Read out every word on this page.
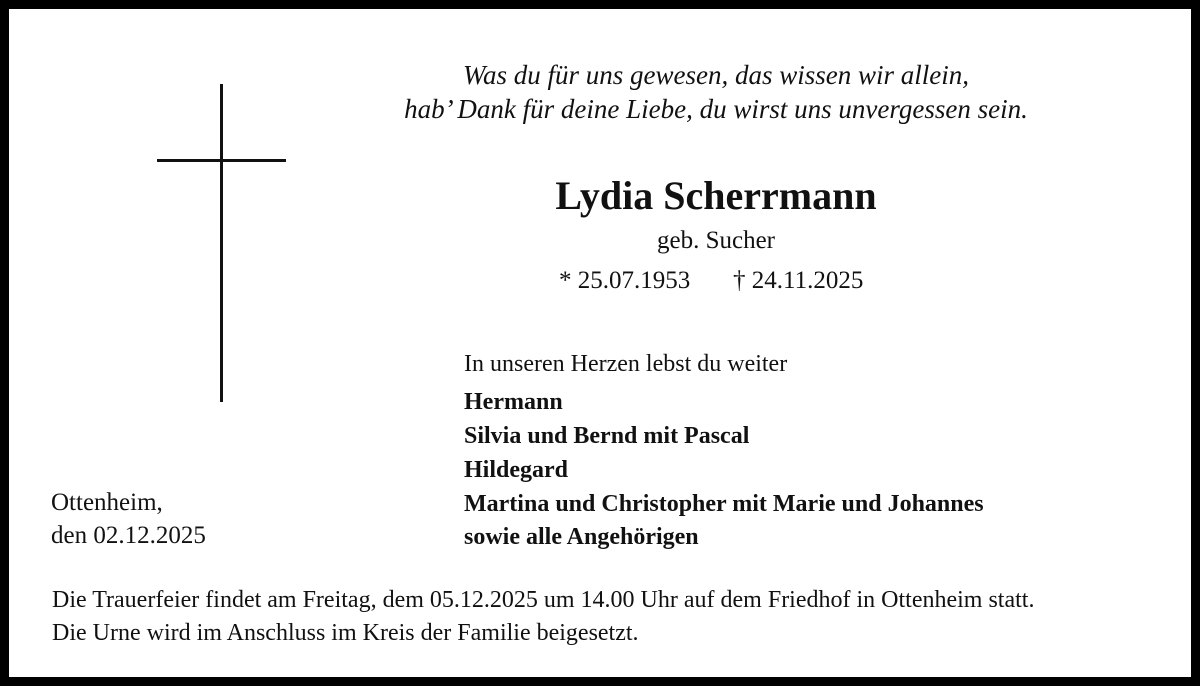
Was du für uns gewesen, das wissen wir allein,
hab’ Dank für deine Liebe, du wirst uns unvergessen sein.
Lydia Scherrmann
geb. Sucher
* 25.07.1953 † 24.11.2025
In unseren Herzen lebst du weiter
Hermann
Silvia und Bernd mit Pascal
Hildegard
Martina und Christopher mit Marie und Johannes
sowie alle Angehörigen
Ottenheim,
den 02.12.2025
Die Trauerfeier findet am Freitag, dem 05.12.2025 um 14.00 Uhr auf dem Friedhof in Ottenheim statt.
Die Urne wird im Anschluss im Kreis der Familie beigesetzt.
